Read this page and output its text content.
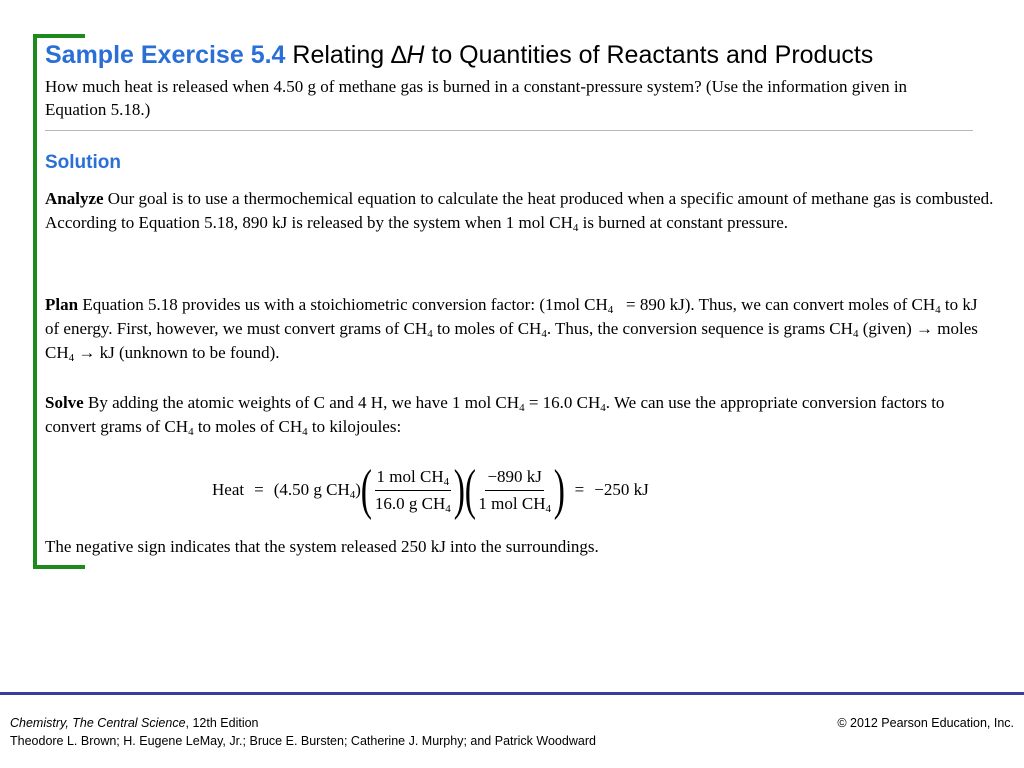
Sample Exercise 5.4 Relating ∆H to Quantities of Reactants and Products

How much heat is released when 4.50 g of methane gas is burned in a constant-pressure system? (Use the information given in Equation 5.18.)

Solution

Analyze Our goal is to use a thermochemical equation to calculate the heat produced when a specific amount of methane gas is combusted. According to Equation 5.18, 890 kJ is released by the system when 1 mol $CH_4$ is burned at constant pressure.

Plan Equation 5.18 provides us with a stoichiometric conversion factor: (1mol $CH_4 = 890$ kJ). Thus, we can convert moles of $CH_4$ to kJ of energy. First, however, we must convert grams of $CH_4$ to moles of $CH_4$. Thus, the conversion sequence is grams $CH_4$ (given) → moles $CH_4$ → kJ (unknown to be found).

Solve By adding the atomic weights of C and 4 H, we have 1 mol $CH_4 = 16.0$ $CH_4$. We can use the appropriate conversion factors to convert grams of $CH_4$ to moles of $CH_4$ to kilojoules:

Heat = (4.50 g $CH_4$) ( $\frac{1 mol CH_4}{16.0 g CH_4}$ ) ( $\frac{-890 kJ}{1 mol CH_4}$ ) = −250 kJ

The negative sign indicates that the system released 250 kJ into the surroundings.

Chemistry, The Central Science, 12th Edition
Theodore L. Brown; H. Eugene LeMay, Jr.; Bruce E. Bursten; Catherine J. Murphy; and Patrick Woodward
© 2012 Pearson Education, Inc.
